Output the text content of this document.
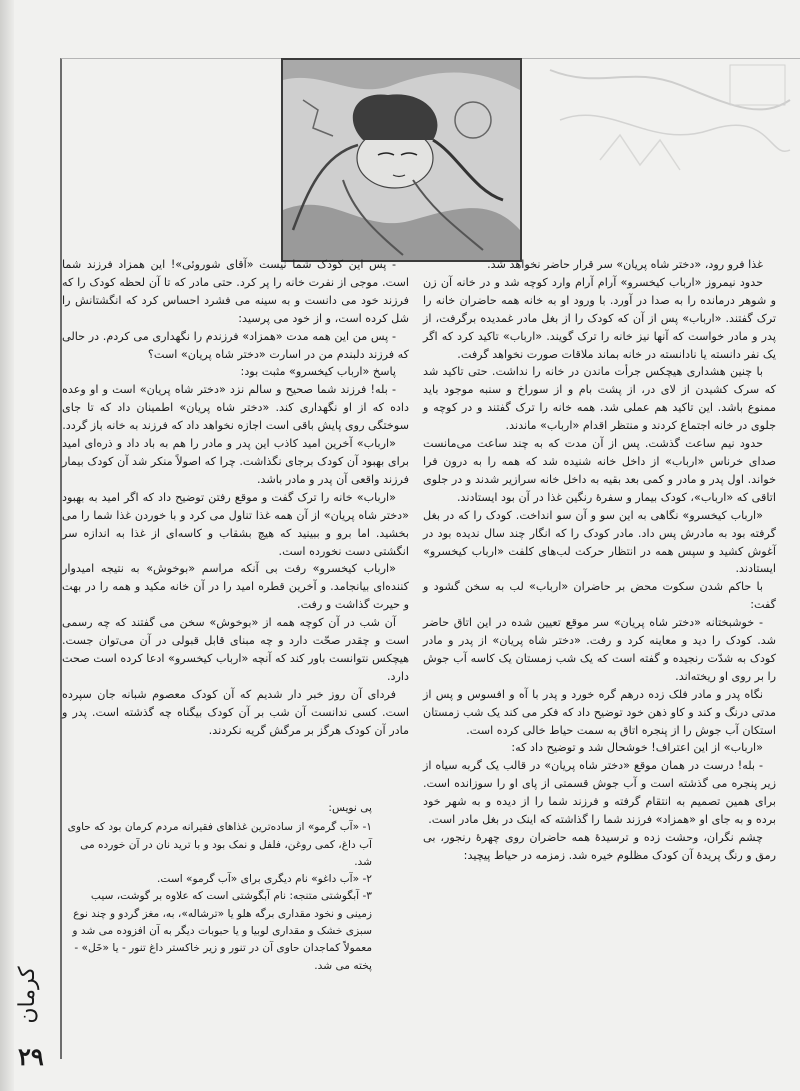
غذا فرو رود، «دختر شاه پریان» سر قرار حاضر نخواهد شد.

حدود نیمروز «ارباب کیخسرو» آرام آرام وارد کوچه شد و در خانه آن زن و شوهر درمانده را به صدا در آورد. با ورود او به خانه همه حاضران خانه را ترک گفتند. «ارباب» پس از آن که کودک را از بغل مادر غمدیده برگرفت، از پدر و مادر خواست که آنها نیز خانه را ترک گویند. «ارباب» تاکید کرد که اگر یک نفر دانسته یا نادانسته در خانه بماند ملاقات صورت نخواهد گرفت.

با چنین هشداری هیچکس جرأت ماندن در خانه را نداشت. حتی تاکید شد که سرک کشیدن از لای در، از پشت بام و از سوراخ و سنبه موجود باید ممنوع باشد. این تاکید هم عملی شد. همه خانه را ترک گفتند و در کوچه و جلوی در خانه اجتماع کردند و منتظر اقدام «ارباب» ماندند.

حدود نیم ساعت گذشت. پس از آن مدت که به چند ساعت می‌مانست صدای خرناس «ارباب» از داخل خانه شنیده شد که همه را به درون فرا خواند. اول پدر و مادر و کمی بعد بقیه به داخل خانه سرازیر شدند و در جلوی اتاقی که «ارباب»، کودک بیمار و سفرهٔ رنگین غذا در آن بود ایستادند.

«ارباب کیخسرو» نگاهی به این سو و آن سو انداخت. کودک را که در بغل گرفته بود به مادرش پس داد. مادر کودک را که انگار چند سال ندیده بود در آغوش کشید و سپس همه در انتظار حرکت لب‌های کلفت «ارباب کیخسرو» ایستادند.

با حاکم شدن سکوت محض بر حاضران «ارباب» لب به سخن گشود و گفت:

- خوشبختانه «دختر شاه پریان» سر موقع تعیین شده در این اتاق حاضر شد. کودک را دید و معاینه کرد و رفت. «دختر شاه پریان» از پدر و مادر کودک به شدّت رنجیده و گفته است که یک شب زمستان یک کاسه آب جوش را بر روی او ریخته‌اند.

نگاه پدر و مادر فلک زده درهم گره خورد و پدر با آه و افسوس و پس از مدتی درنگ و کند و کاو ذهن خود توضیح داد که فکر می کند یک شب زمستان استکان آب جوش را از پنجره اتاق به سمت حیاط خالی کرده است.

«ارباب» از این اعتراف! خوشحال شد و توضیح داد که:

- بله! درست در همان موقع «دختر شاه پریان» در قالب یک گربه سیاه از زیر پنجره می گذشته است و آب جوش قسمتی از پای او را سوزانده است. برای همین تصمیم به انتقام گرفته و فرزند شما را از دیده و به شهر خود برده و به جای او «همزاد» فرزند شما را گذاشته که اینک در بغل مادر است.

چشم نگران، وحشت زده و ترسیدهٔ همه حاضران روی چهرهٔ رنجور، بی رمق و رنگ پریدهٔ آن کودک مظلوم خیره شد. زمزمه در حیاط پیچید:

- پس این کودک شما نیست «آقای شوروئی»! این همزاد فرزند شما است. موجی از نفرت خانه را پر کرد. حتی مادر که تا آن لحظه کودک را که فرزند خود می دانست و به سینه می فشرد احساس کرد که انگشتانش را شل کرده است، و از خود می پرسید:

- پس من این همه مدت «همزاد» فرزندم را نگهداری می کردم. در حالی که فرزند دلبندم من در اسارت «دختر شاه پریان» است؟

پاسخ «ارباب کیخسرو» مثبت بود:

- بله! فرزند شما صحیح و سالم نزد «دختر شاه پریان» است و او وعده داده که از او نگهداری کند. «دختر شاه پریان» اطمینان داد که تا جای سوختگی روی پایش باقی است اجازه نخواهد داد که فرزند به خانه باز گردد.

«ارباب» آخرین امید کاذب این پدر و مادر را هم به باد داد و ذره‌ای امید برای بهبود آن کودک برجای نگذاشت. چرا که اصولاً منکر شد آن کودک بیمار فرزند واقعی آن پدر و مادر باشد.

«ارباب» خانه را ترک گفت و موقع رفتن توضیح داد که اگر امید به بهبود «دختر شاه پریان» از آن همه غذا تناول می کرد و با خوردن غذا شما را می بخشید. اما برو و ببینید که هیچ بشقاب و کاسه‌ای از غذا به اندازه سر انگشتی دست نخورده است.

«ارباب کیخسرو» رفت بی آنکه مراسم «بوخوش» به نتیجه امیدوار کننده‌ای بیانجامد. و آخرین قطره امید را در آن خانه مکید و همه را در بهت و حیرت گذاشت و رفت.

آن شب در آن کوچه همه از «بوخوش» سخن می گفتند که چه رسمی است و چقدر صحّت دارد و چه مبنای قابل قبولی در آن می‌توان جست. هیچکس نتوانست باور کند که آنچه «ارباب کیخسرو» ادعا کرده است صحت دارد.

فردای آن روز خبر دار شدیم که آن کودک معصوم شبانه جان سپرده است. کسی ندانست آن شب بر آن کودک بیگناه چه گذشته است. پدر و مادر آن کودک هرگز بر مرگش گریه نکردند.

پی نویس:

۱- «آب گرمو» از ساده‌ترین غذاهای فقیرانه مردم کرمان بود که حاوی آب داغ، کمی روغن، فلفل و نمک بود و با ترید نان در آن خورده می شد.

۲- «آب داغو» نام دیگری برای «آب گرمو» است.

۳- آبگوشتی متنجه: نام آبگوشتی است که علاوه بر گوشت، سیب زمینی و نخود مقداری برگه هلو یا «ترشاله»، به، مغز گردو و چند نوع سبزی خشک و مقداری لوبیا و یا حبوبات دیگر به آن افزوده می شد و معمولاً کماجدان حاوی آن در تنور و زیر خاکستر داغ تنور - یا «خَل» - پخته می شد.

کرمان
۲۹
